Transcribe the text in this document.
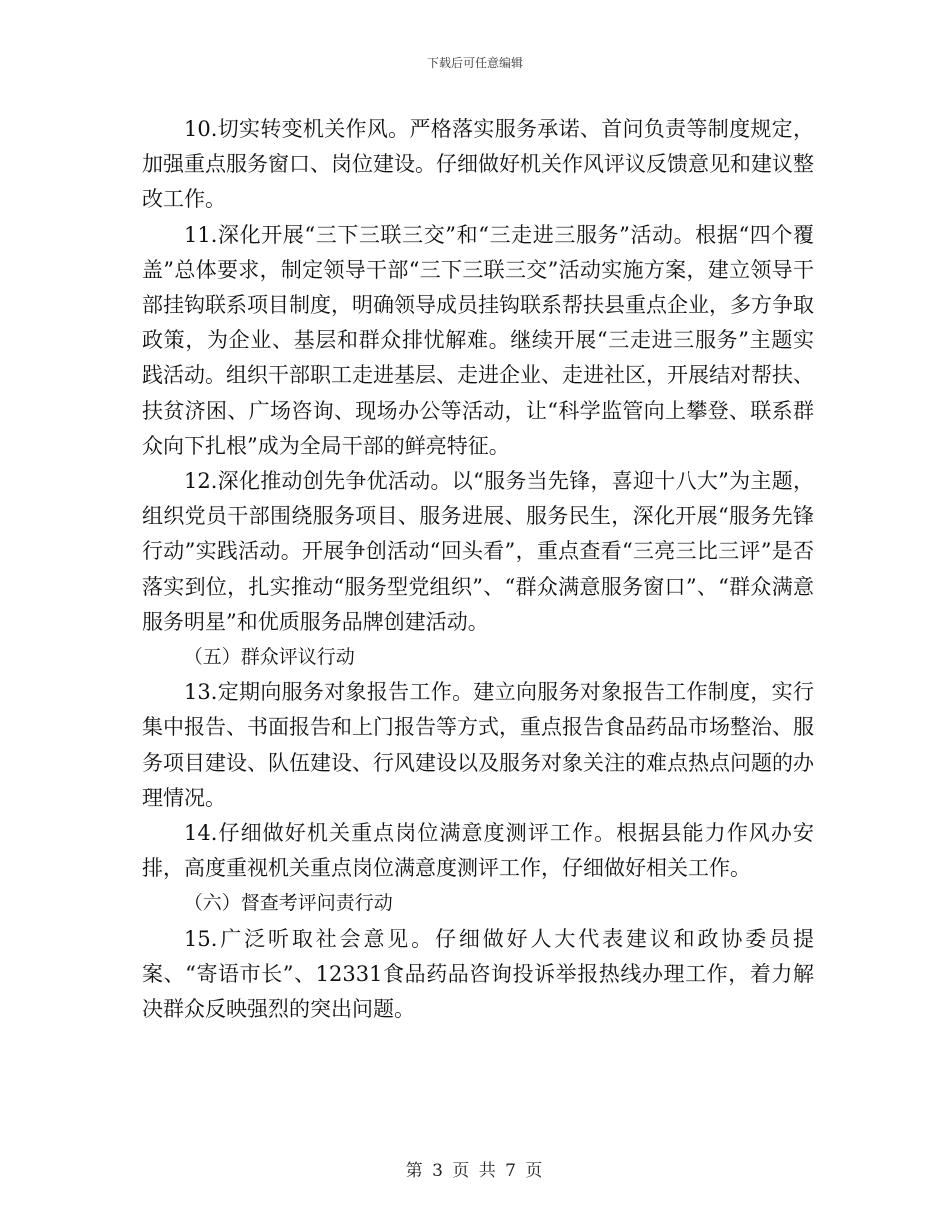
下载后可任意编辑

10.切实转变机关作风。严格落实服务承诺、首问负责等制度规定，加强重点服务窗口、岗位建设。仔细做好机关作风评议反馈意见和建议整改工作。

11.深化开展“三下三联三交”和“三走进三服务”活动。根据“四个覆盖”总体要求，制定领导干部“三下三联三交”活动实施方案，建立领导干部挂钩联系项目制度，明确领导成员挂钩联系帮扶县重点企业，多方争取政策，为企业、基层和群众排忧解难。继续开展“三走进三服务”主题实践活动。组织干部职工走进基层、走进企业、走进社区，开展结对帮扶、扶贫济困、广场咨询、现场办公等活动，让“科学监管向上攀登、联系群众向下扎根”成为全局干部的鲜亮特征。

12.深化推动创先争优活动。以“服务当先锋，喜迎十八大”为主题，组织党员干部围绕服务项目、服务进展、服务民生，深化开展“服务先锋行动”实践活动。开展争创活动“回头看”，重点查看“三亮三比三评”是否落实到位，扎实推动“服务型党组织”、“群众满意服务窗口”、“群众满意服务明星”和优质服务品牌创建活动。

（五）群众评议行动

13.定期向服务对象报告工作。建立向服务对象报告工作制度，实行集中报告、书面报告和上门报告等方式，重点报告食品药品市场整治、服务项目建设、队伍建设、行风建设以及服务对象关注的难点热点问题的办理情况。

14.仔细做好机关重点岗位满意度测评工作。根据县能力作风办安排，高度重视机关重点岗位满意度测评工作，仔细做好相关工作。

（六）督查考评问责行动

15.广泛听取社会意见。仔细做好人大代表建议和政协委员提案、“寄语市长”、12331食品药品咨询投诉举报热线办理工作，着力解决群众反映强烈的突出问题。

第 3 页 共 7 页
